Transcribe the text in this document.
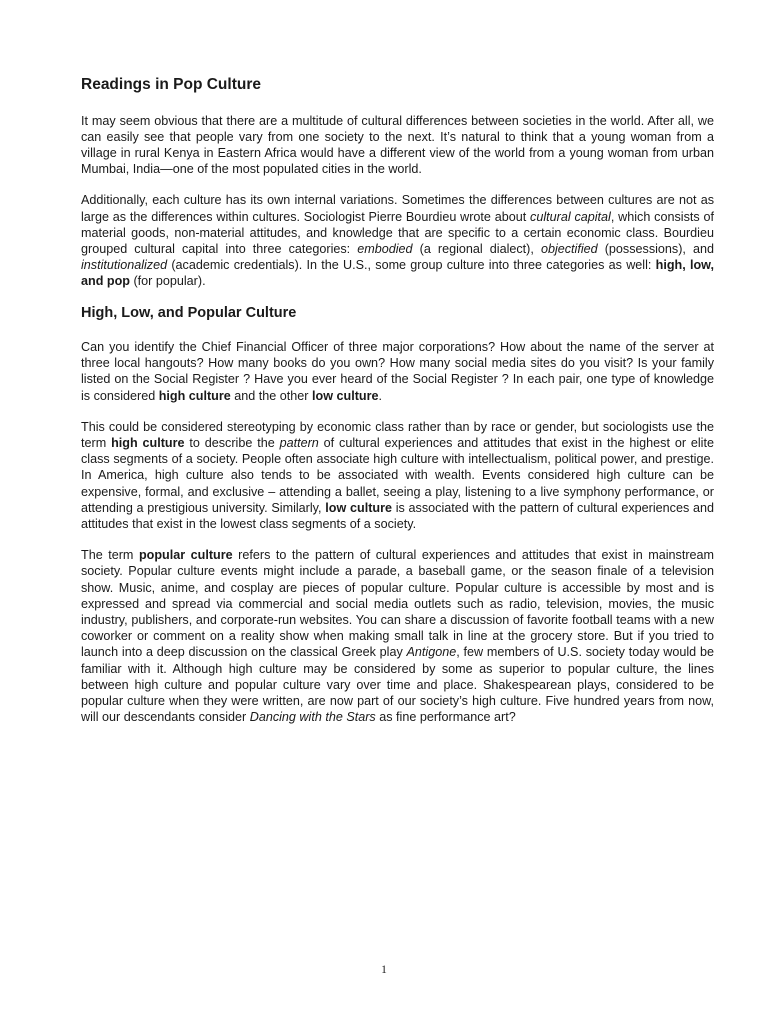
Readings in Pop Culture

It may seem obvious that there are a multitude of cultural differences between societies in the world. After all, we can easily see that people vary from one society to the next. It’s natural to think that a young woman from a village in rural Kenya in Eastern Africa would have a different view of the world from a young woman from urban Mumbai, India—one of the most populated cities in the world.

Additionally, each culture has its own internal variations. Sometimes the differences between cultures are not as large as the differences within cultures. Sociologist Pierre Bourdieu wrote about cultural capital, which consists of material goods, non-material attitudes, and knowledge that are specific to a certain economic class. Bourdieu grouped cultural capital into three categories: embodied (a regional dialect), objectified (possessions), and institutionalized (academic credentials). In the U.S., some group culture into three categories as well: high, low, and pop (for popular).

High, Low, and Popular Culture

Can you identify the Chief Financial Officer of three major corporations? How about the name of the server at three local hangouts? How many books do you own? How many social media sites do you visit? Is your family listed on the Social Register ? Have you ever heard of the Social Register ? In each pair, one type of knowledge is considered high culture and the other low culture.

This could be considered stereotyping by economic class rather than by race or gender, but sociologists use the term high culture to describe the pattern of cultural experiences and attitudes that exist in the highest or elite class segments of a society. People often associate high culture with intellectualism, political power, and prestige. In America, high culture also tends to be associated with wealth. Events considered high culture can be expensive, formal, and exclusive – attending a ballet, seeing a play, listening to a live symphony performance, or attending a prestigious university. Similarly, low culture is associated with the pattern of cultural experiences and attitudes that exist in the lowest class segments of a society.

The term popular culture refers to the pattern of cultural experiences and attitudes that exist in mainstream society. Popular culture events might include a parade, a baseball game, or the season finale of a television show. Music, anime, and cosplay are pieces of popular culture. Popular culture is accessible by most and is expressed and spread via commercial and social media outlets such as radio, television, movies, the music industry, publishers, and corporate-run websites. You can share a discussion of favorite football teams with a new coworker or comment on a reality show when making small talk in line at the grocery store. But if you tried to launch into a deep discussion on the classical Greek play Antigone, few members of U.S. society today would be familiar with it. Although high culture may be considered by some as superior to popular culture, the lines between high culture and popular culture vary over time and place. Shakespearean plays, considered to be popular culture when they were written, are now part of our society’s high culture. Five hundred years from now, will our descendants consider Dancing with the Stars as fine performance art?

1
